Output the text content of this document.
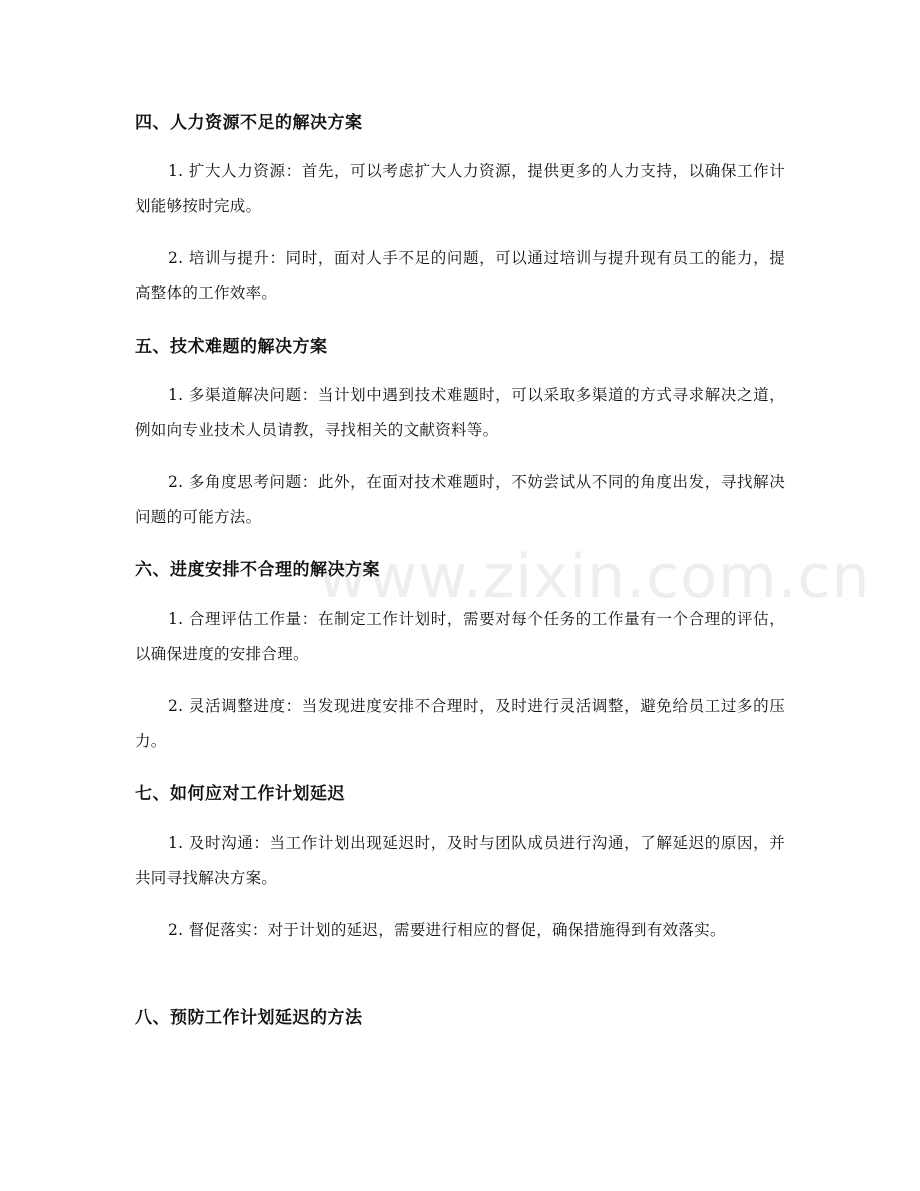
www.zixin.com.cn
四、人力资源不足的解决方案
1. 扩大人力资源：首先，可以考虑扩大人力资源，提供更多的人力支持，以确保工作计划能够按时完成。
2. 培训与提升：同时，面对人手不足的问题，可以通过培训与提升现有员工的能力，提高整体的工作效率。
五、技术难题的解决方案
1. 多渠道解决问题：当计划中遇到技术难题时，可以采取多渠道的方式寻求解决之道，例如向专业技术人员请教，寻找相关的文献资料等。
2. 多角度思考问题：此外，在面对技术难题时，不妨尝试从不同的角度出发，寻找解决问题的可能方法。
六、进度安排不合理的解决方案
1. 合理评估工作量：在制定工作计划时，需要对每个任务的工作量有一个合理的评估，以确保进度的安排合理。
2. 灵活调整进度：当发现进度安排不合理时，及时进行灵活调整，避免给员工过多的压力。
七、如何应对工作计划延迟
1. 及时沟通：当工作计划出现延迟时，及时与团队成员进行沟通，了解延迟的原因，并共同寻找解决方案。
2. 督促落实：对于计划的延迟，需要进行相应的督促，确保措施得到有效落实。
八、预防工作计划延迟的方法
